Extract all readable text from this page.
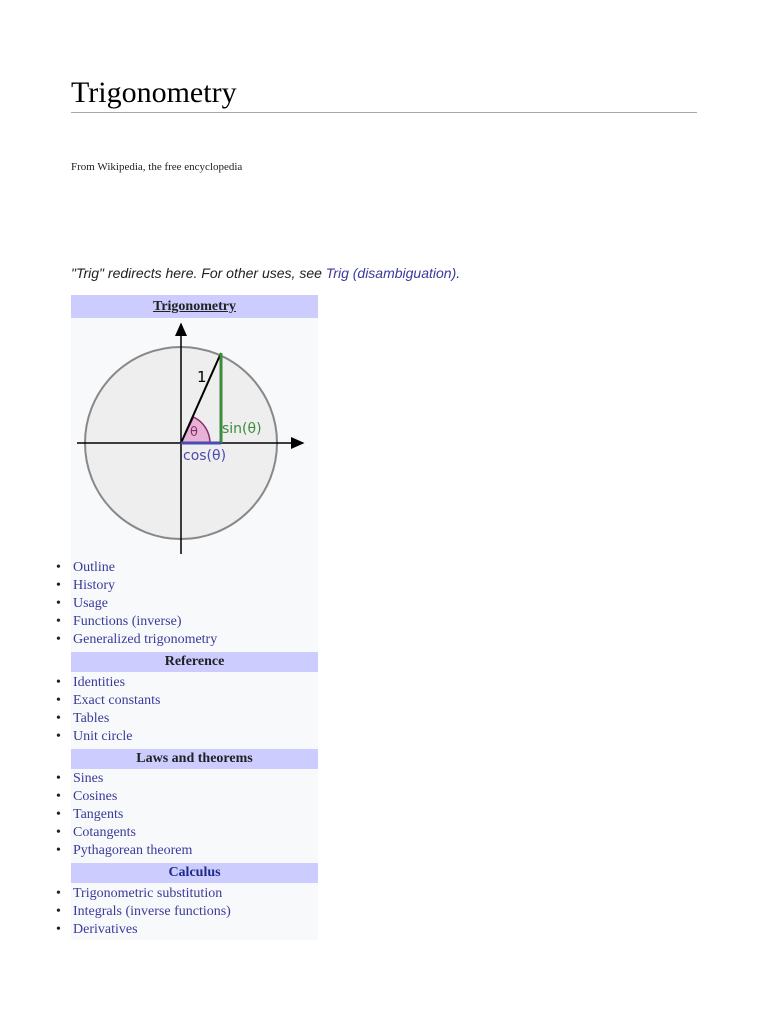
Trigonometry
From Wikipedia, the free encyclopedia
"Trig" redirects here. For other uses, see Trig (disambiguation).
Trigonometry
1
θ sin(θ)
cos(θ)
• Outline
• History
• Usage
• Functions (inverse)
• Generalized trigonometry
Reference
• Identities
• Exact constants
• Tables
• Unit circle
Laws and theorems
• Sines
• Cosines
• Tangents
• Cotangents
• Pythagorean theorem
Calculus
• Trigonometric substitution
• Integrals (inverse functions)
• Derivatives
